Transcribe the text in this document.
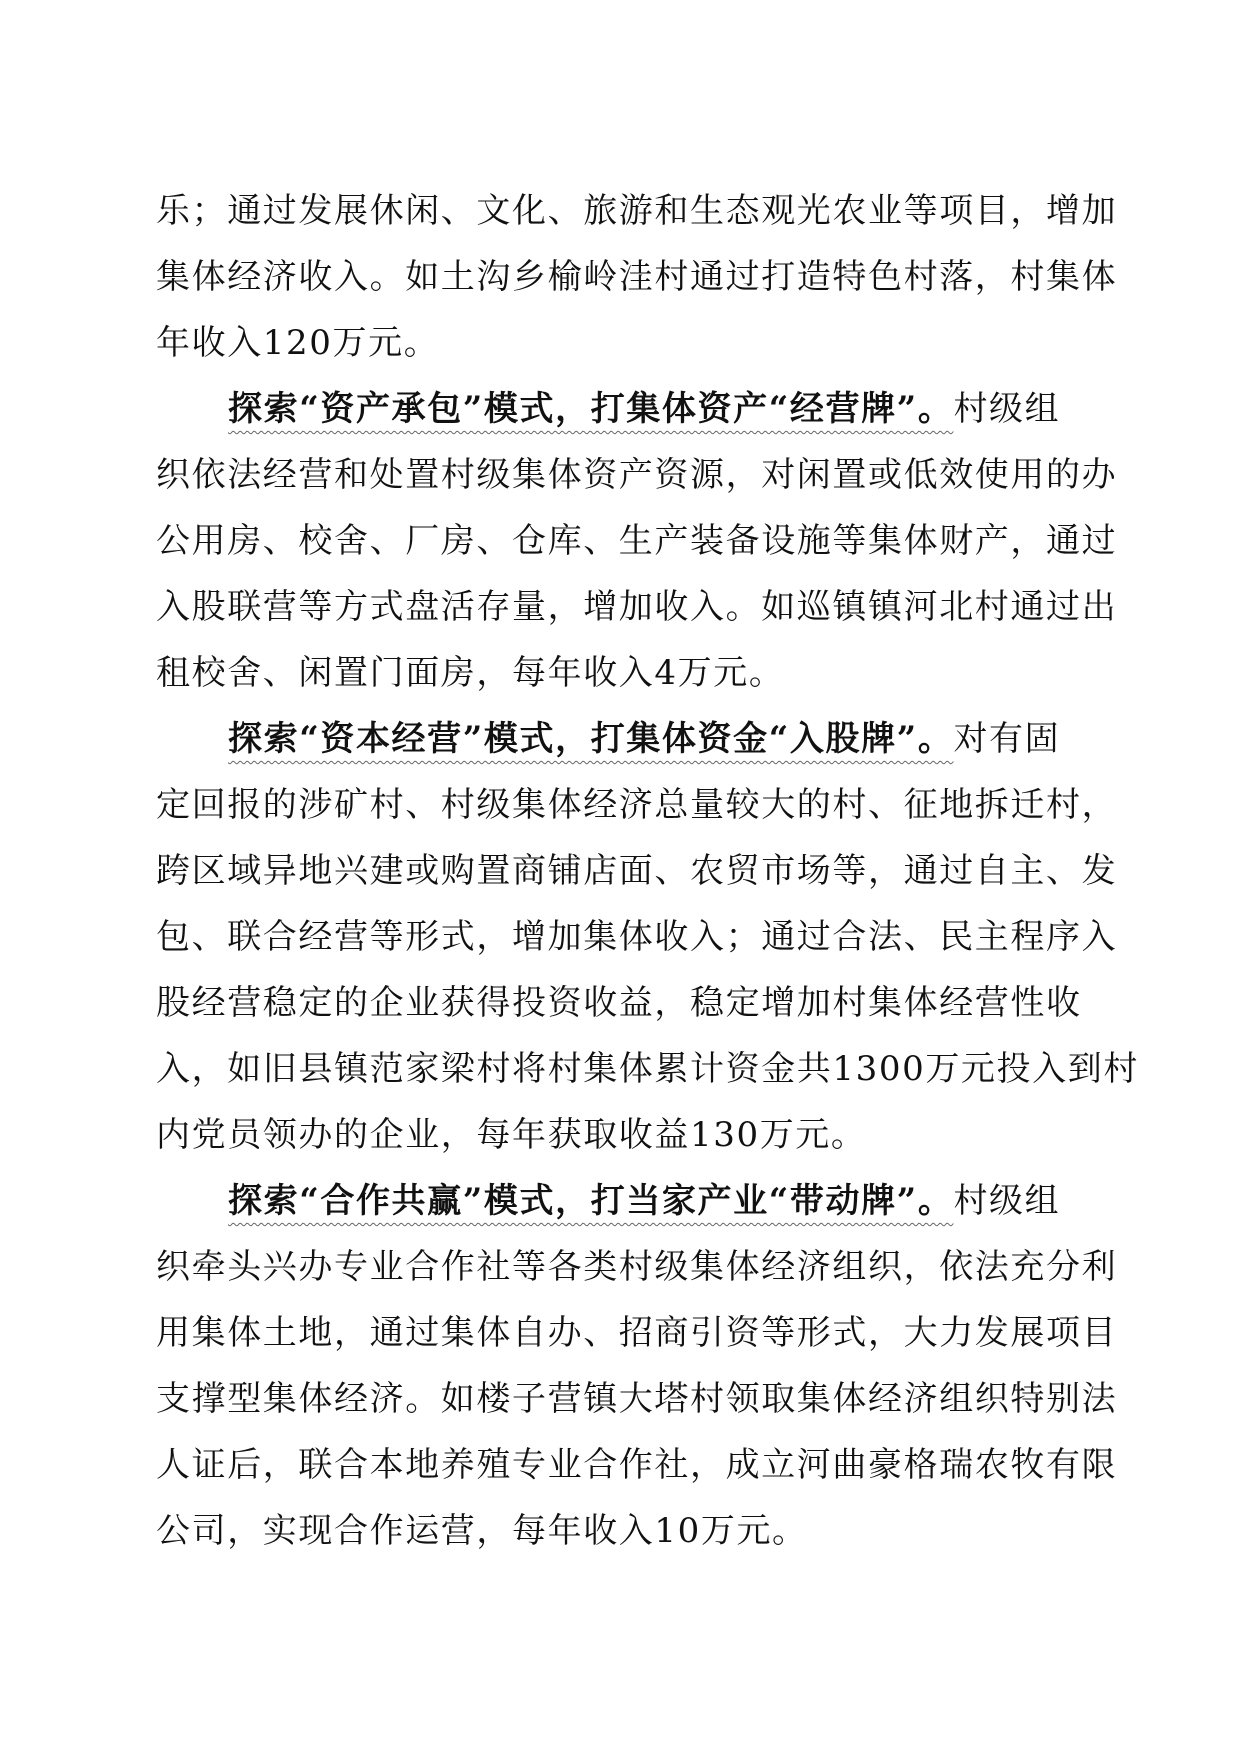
乐；通过发展休闲、文化、旅游和生态观光农业等项目，增加
集体经济收入。如土沟乡榆岭洼村通过打造特色村落，村集体
年收入120万元。
探索“资产承包”模式，打集体资产“经营牌”。村级组
织依法经营和处置村级集体资产资源，对闲置或低效使用的办
公用房、校舍、厂房、仓库、生产装备设施等集体财产，通过
入股联营等方式盘活存量，增加收入。如巡镇镇河北村通过出
租校舍、闲置门面房，每年收入4万元。
探索“资本经营”模式，打集体资金“入股牌”。对有固
定回报的涉矿村、村级集体经济总量较大的村、征地拆迁村，
跨区域异地兴建或购置商铺店面、农贸市场等，通过自主、发
包、联合经营等形式，增加集体收入；通过合法、民主程序入
股经营稳定的企业获得投资收益，稳定增加村集体经营性收
入，如旧县镇范家梁村将村集体累计资金共1300万元投入到村
内党员领办的企业，每年获取收益130万元。
探索“合作共赢”模式，打当家产业“带动牌”。村级组
织牵头兴办专业合作社等各类村级集体经济组织，依法充分利
用集体土地，通过集体自办、招商引资等形式，大力发展项目
支撑型集体经济。如楼子营镇大塔村领取集体经济组织特别法
人证后，联合本地养殖专业合作社，成立河曲豪格瑞农牧有限
公司，实现合作运营，每年收入10万元。
